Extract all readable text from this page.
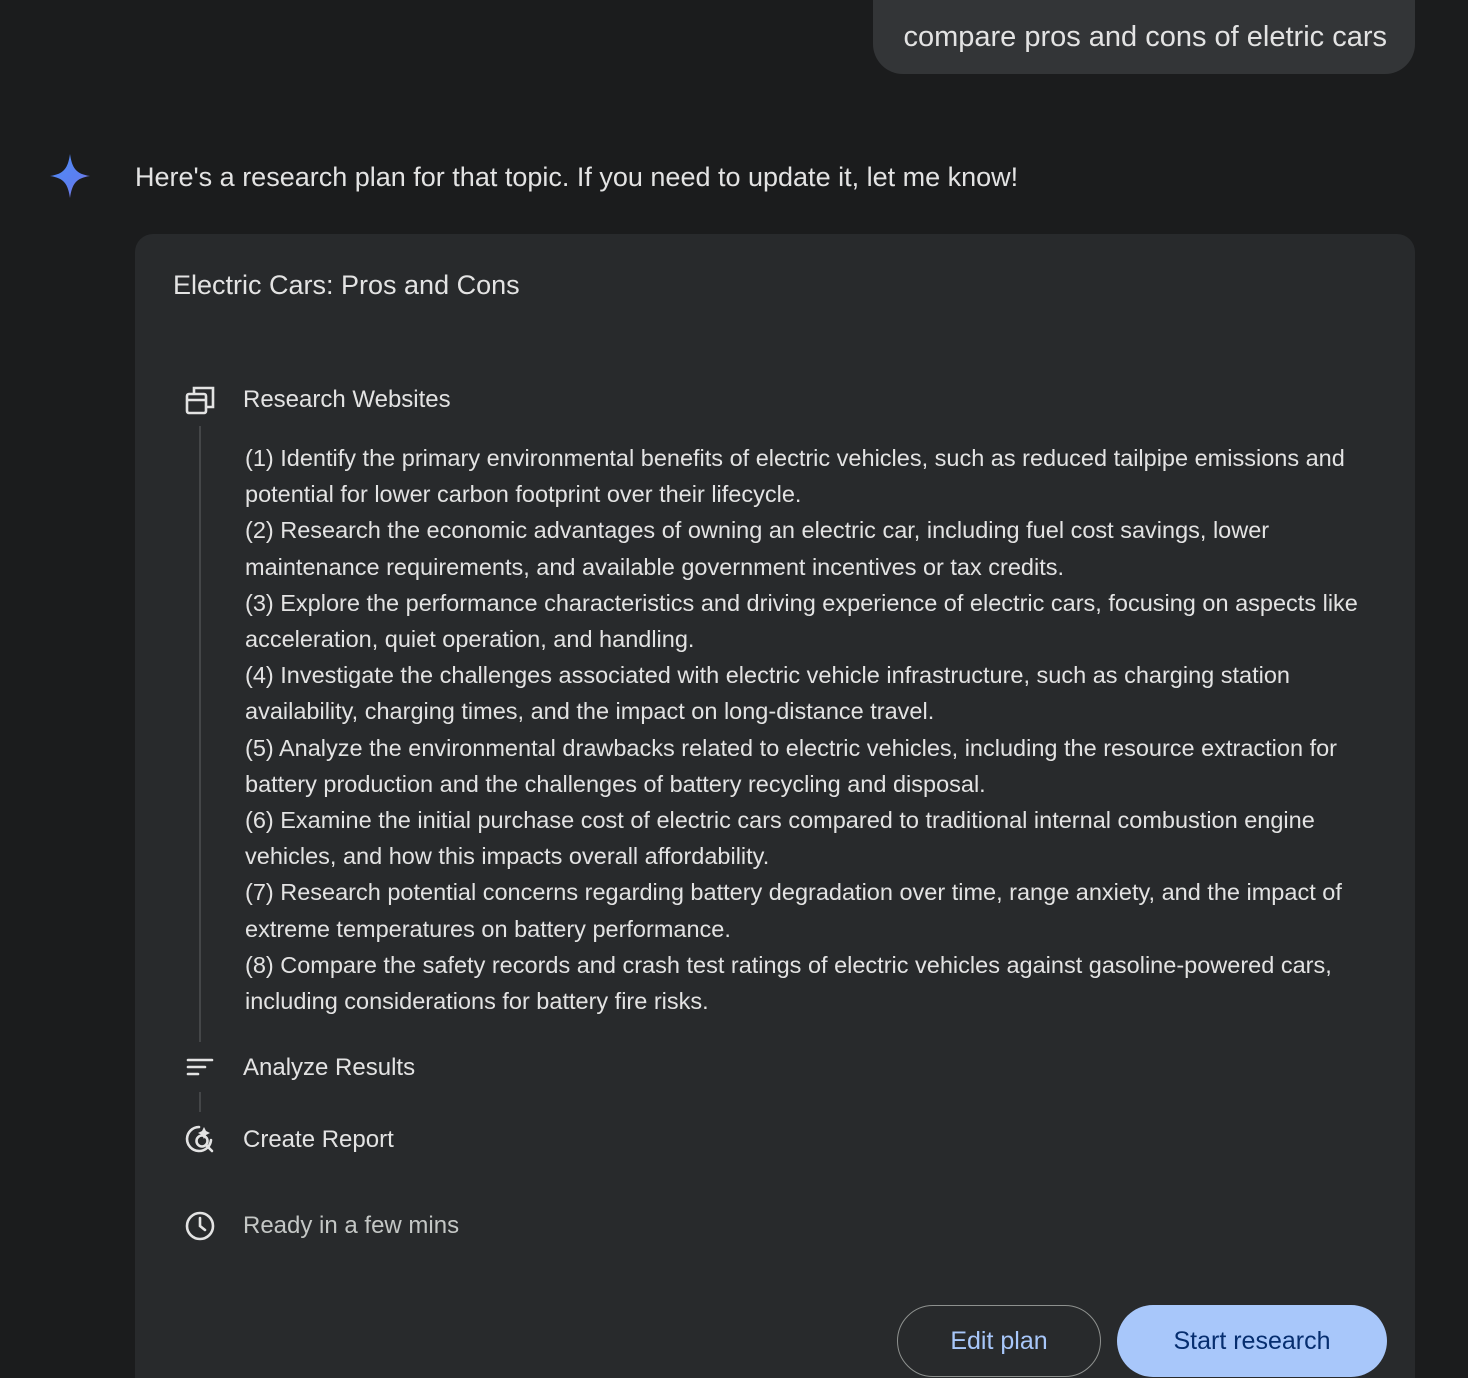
compare pros and cons of eletric cars
Here's a research plan for that topic. If you need to update it, let me know!
Electric Cars: Pros and Cons
Research Websites
(1) Identify the primary environmental benefits of electric vehicles, such as reduced tailpipe emissions and potential for lower carbon footprint over their lifecycle.
(2) Research the economic advantages of owning an electric car, including fuel cost savings, lower maintenance requirements, and available government incentives or tax credits.
(3) Explore the performance characteristics and driving experience of electric cars, focusing on aspects like acceleration, quiet operation, and handling.
(4) Investigate the challenges associated with electric vehicle infrastructure, such as charging station availability, charging times, and the impact on long-distance travel.
(5) Analyze the environmental drawbacks related to electric vehicles, including the resource extraction for battery production and the challenges of battery recycling and disposal.
(6) Examine the initial purchase cost of electric cars compared to traditional internal combustion engine vehicles, and how this impacts overall affordability.
(7) Research potential concerns regarding battery degradation over time, range anxiety, and the impact of extreme temperatures on battery performance.
(8) Compare the safety records and crash test ratings of electric vehicles against gasoline-powered cars, including considerations for battery fire risks.
Analyze Results
Create Report
Ready in a few mins
Edit plan	Start research
